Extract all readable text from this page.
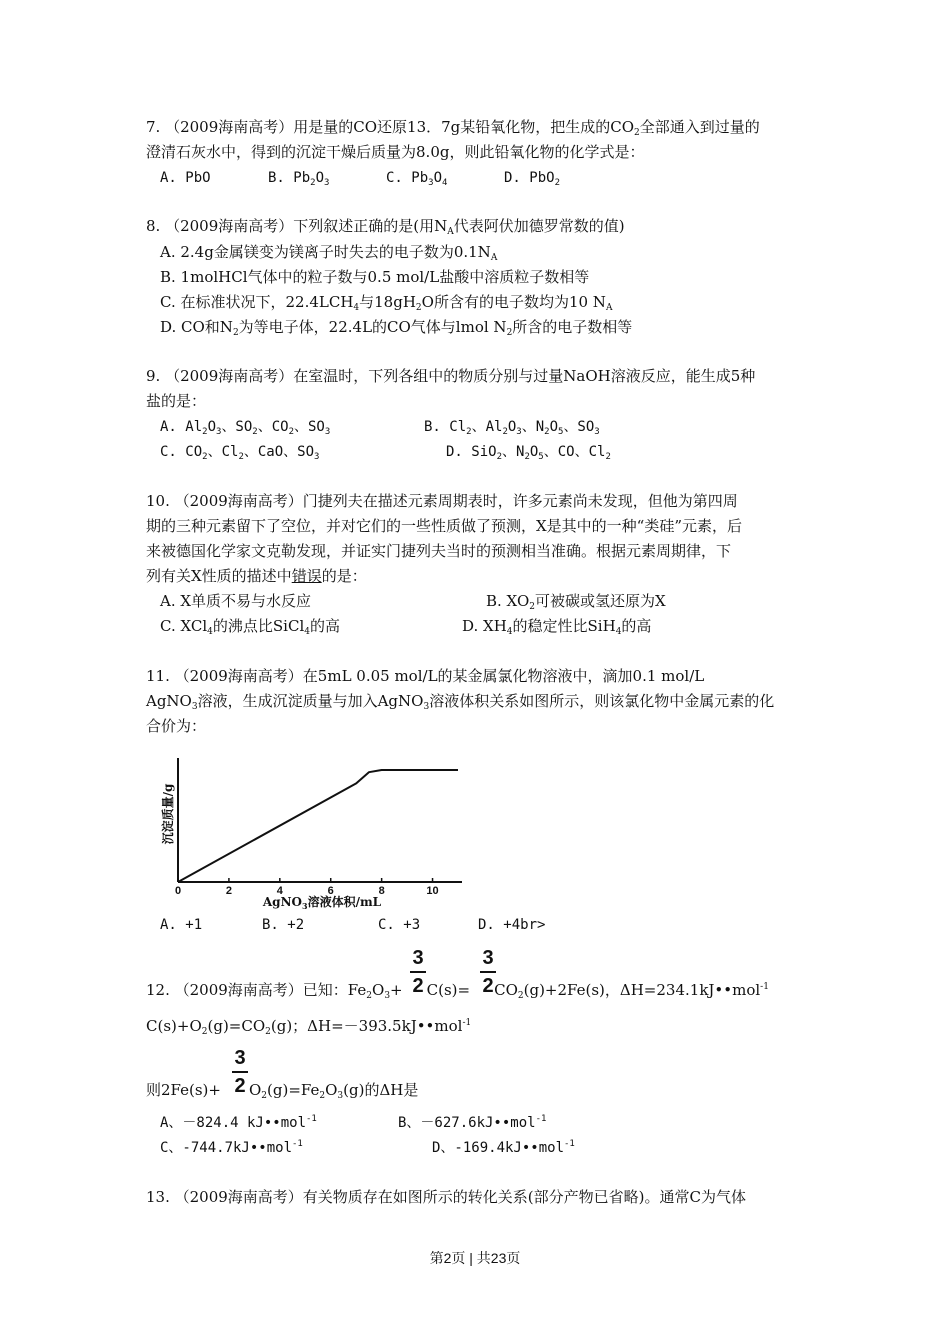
7. （2009海南高考）用是量的CO还原13．7g某铅氧化物，把生成的$CO_2$全部通入到过量的
澄清石灰水中，得到的沉淀干燥后质量为8.0g，则此铅氧化物的化学式是：
A. PbO	B. $Pb_2O_3$	C. $Pb_3O_4$	D. PbO$_2$
8. （2009海南高考）下列叙述正确的是(用$N_A$代表阿伏加德罗常数的值)
A. 2.4g金属镁变为镁离子时失去的电子数为$0.1N_A$
B. 1molHCl气体中的粒子数与0.5 mol/L盐酸中溶质粒子数相等
C. 在标准状况下，$22.4LCH_4$与$18gH_2O$所含有的电子数均为10 $N_A$
D. CO和$N_2$为等电子体，22.4L的CO气体与lmol $N_2$所含的电子数相等
9. （2009海南高考）在室温时，下列各组中的物质分别与过量NaOH溶液反应，能生成5种
盐的是：
A. $Al_2O_3$、$SO_2$、$CO_2$、$SO_3$	B. $Cl_2$、$Al_2O_3$、$N_2O_5$、$SO_3$
C. $CO_2$、$Cl_2$、CaO、$SO_3$	D. SiO$_2$、$N_2O_5$、CO、$Cl_2$
10. （2009海南高考）门捷列夫在描述元素周期表时，许多元素尚未发现，但他为第四周
期的三种元素留下了空位，并对它们的一些性质做了预测，X是其中的一种“类硅”元素，后
来被德国化学家文克勒发现，并证实门捷列夫当时的预测相当准确。根据元素周期律，下
列有关X性质的描述中错误的是：
A. X单质不易与水反应	B. $XO_2$可被碳或氢还原为X
C. XCl$_4$的沸点比SiCl$_4$的高	D. $XH_4$的稳定性比SiH$_4$的高
11. （2009海南高考）在5mL 0.05 mol/L的某金属氯化物溶液中，滴加0.1 mol/L
AgNO$_3$溶液，生成沉淀质量与加入AgNO$_3$溶液体积关系如图所示，则该氯化物中金属元素的化
合价为：
沉淀质量/g
0	2	4	6	8	10
AgNO$_3$溶液体积/mL
A. +1	B. +2	C. +3	D. +4br>
3
2
3
2
12. （2009海南高考）已知：$Fe_2O_3+ C(s)= CO_2(g)+2Fe(s)$，ΔH=234.1kJ••mol$^{-1}$
$C(s)+O_2(g)=CO_2(g)$；ΔH=－393.5kJ••mol$^{-1}$
3
2
则$2Fe(s)+ O_2(g)=Fe_2O_3(g)$的ΔH是
A、－824.4 kJ••mol$^{-1}$	B、－627.6kJ••mol$^{-1}$
C、-744.7kJ••mol$^{-1}$	D、-169.4kJ••mol$^{-1}$
13. （2009海南高考）有关物质存在如图所示的转化关系(部分产物已省略)。通常C为气体
第2页 | 共23页
